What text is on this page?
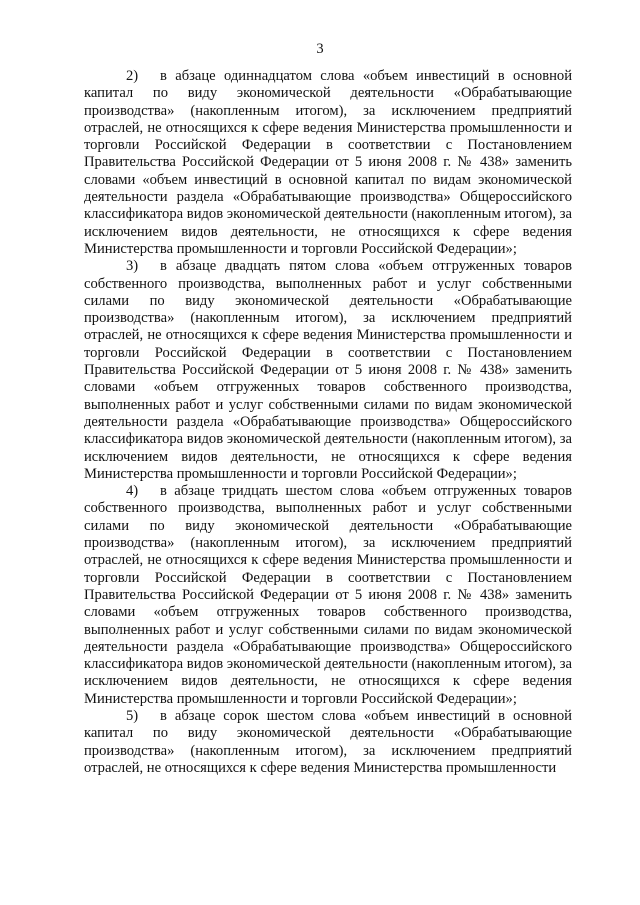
3

2) в абзаце одиннадцатом слова «объем инвестиций в основной капитал по виду экономической деятельности «Обрабатывающие производства» (накопленным итогом), за исключением предприятий отраслей, не относящихся к сфере ведения Министерства промышленности и торговли Российской Федерации в соответствии с Постановлением Правительства Российской Федерации от 5 июня 2008 г. № 438» заменить словами «объем инвестиций в основной капитал по видам экономической деятельности раздела «Обрабатывающие производства» Общероссийского классификатора видов экономической деятельности (накопленным итогом), за исключением видов деятельности, не относящихся к сфере ведения Министерства промышленности и торговли Российской Федерации»;

3) в абзаце двадцать пятом слова «объем отгруженных товаров собственного производства, выполненных работ и услуг собственными силами по виду экономической деятельности «Обрабатывающие производства» (накопленным итогом), за исключением предприятий отраслей, не относящихся к сфере ведения Министерства промышленности и торговли Российской Федерации в соответствии с Постановлением Правительства Российской Федерации от 5 июня 2008 г. № 438» заменить словами «объем отгруженных товаров собственного производства, выполненных работ и услуг собственными силами по видам экономической деятельности раздела «Обрабатывающие производства» Общероссийского классификатора видов экономической деятельности (накопленным итогом), за исключением видов деятельности, не относящихся к сфере ведения Министерства промышленности и торговли Российской Федерации»;

4) в абзаце тридцать шестом слова «объем отгруженных товаров собственного производства, выполненных работ и услуг собственными силами по виду экономической деятельности «Обрабатывающие производства» (накопленным итогом), за исключением предприятий отраслей, не относящихся к сфере ведения Министерства промышленности и торговли Российской Федерации в соответствии с Постановлением Правительства Российской Федерации от 5 июня 2008 г. № 438» заменить словами «объем отгруженных товаров собственного производства, выполненных работ и услуг собственными силами по видам экономической деятельности раздела «Обрабатывающие производства» Общероссийского классификатора видов экономической деятельности (накопленным итогом), за исключением видов деятельности, не относящихся к сфере ведения Министерства промышленности и торговли Российской Федерации»;

5) в абзаце сорок шестом слова «объем инвестиций в основной капитал по виду экономической деятельности «Обрабатывающие производства» (накопленным итогом), за исключением предприятий отраслей, не относящихся к сфере ведения Министерства промышленности
